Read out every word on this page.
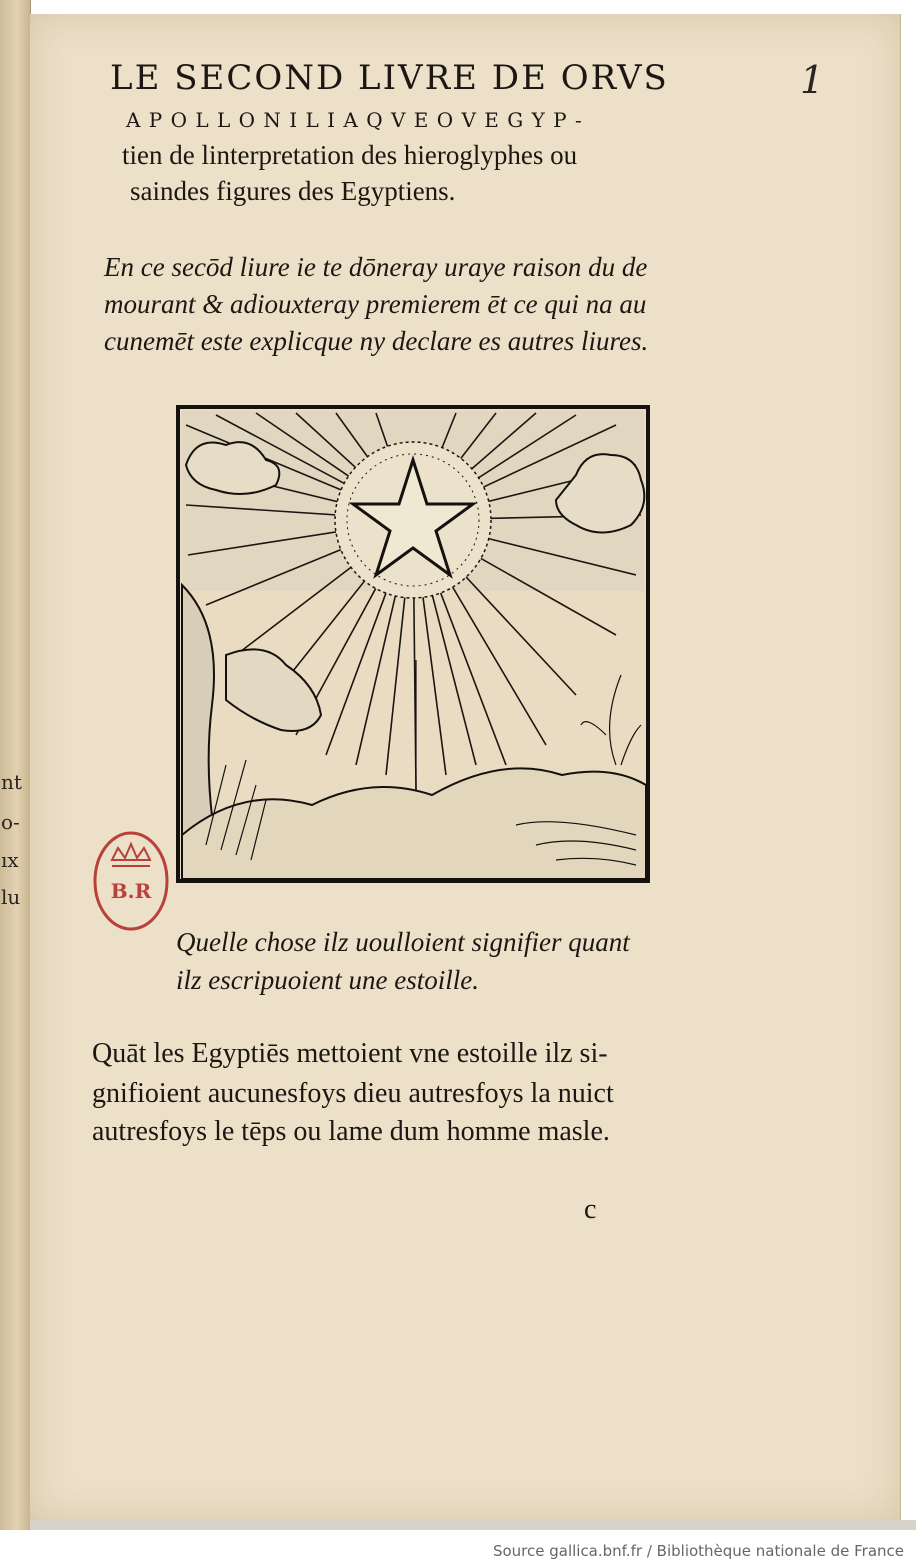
nt
o-
ıx
lu
LE SECOND LIVRE DE ORVS	1
A P O L L O N I L I A Q V E O V E G Y P -
tien de linterpretation des hieroglyphes ou
saindes figures des Egyptiens.
En ce secōd liure ie te dōneray uraye raison du de
mourant & adiouxteray premierem ēt ce qui na au
cunemēt este explicque ny declare es autres liures.
B.R
Quelle chose ilz uoulloient signifier quant
ilz escripuoient une estoille.
Quāt les Egyptiēs mettoient vne estoille ilz si-
gnifioient aucunesfoys dieu autresfoys la nuict
autresfoys le tēps ou lame dum homme masle.
c
Source gallica.bnf.fr / Bibliothèque nationale de France
